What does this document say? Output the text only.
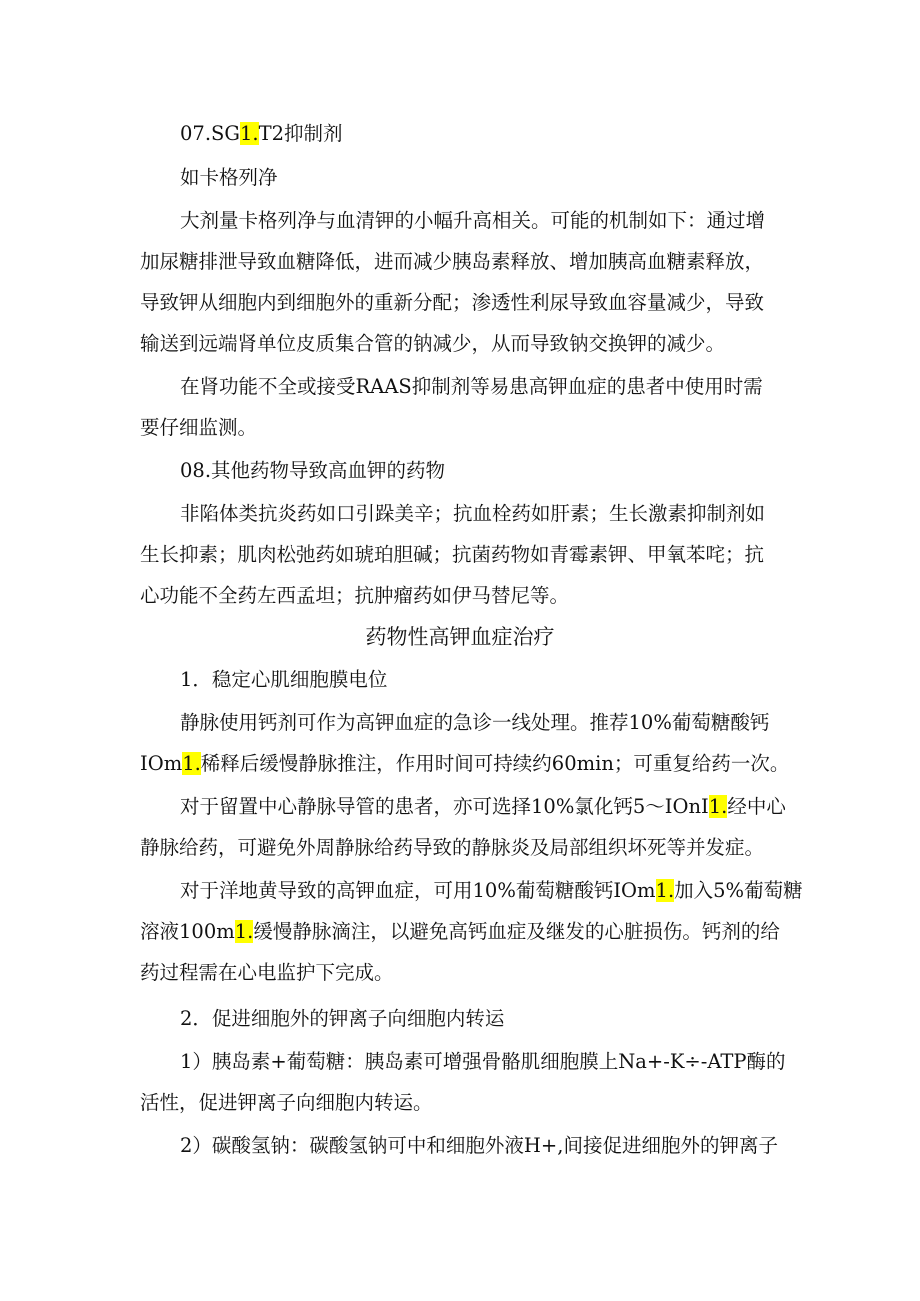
07.SG1.T2抑制剂
如卡格列净
大剂量卡格列净与血清钾的小幅升高相关。可能的机制如下：通过增
加尿糖排泄导致血糖降低，进而减少胰岛素释放、增加胰高血糖素释放，
导致钾从细胞内到细胞外的重新分配；渗透性利尿导致血容量减少，导致
输送到远端肾单位皮质集合管的钠减少，从而导致钠交换钾的减少。
在肾功能不全或接受RAAS抑制剂等易患高钾血症的患者中使用时需
要仔细监测。
08.其他药物导致高血钾的药物
非陷体类抗炎药如口引跺美辛；抗血栓药如肝素；生长激素抑制剂如
生长抑素；肌肉松弛药如琥珀胆碱；抗菌药物如青霉素钾、甲氧苯咤；抗
心功能不全药左西孟坦；抗肿瘤药如伊马替尼等。
药物性高钾血症治疗
1．稳定心肌细胞膜电位
静脉使用钙剂可作为高钾血症的急诊一线处理。推荐10%葡萄糖酸钙
IOm1.稀释后缓慢静脉推注，作用时间可持续约60min；可重复给药一次。
对于留置中心静脉导管的患者，亦可选择10%氯化钙5～IOnI1.经中心
静脉给药，可避免外周静脉给药导致的静脉炎及局部组织坏死等并发症。
对于洋地黄导致的高钾血症，可用10%葡萄糖酸钙IOm1.加入5%葡萄糖
溶液100m1.缓慢静脉滴注，以避免高钙血症及继发的心脏损伤。钙剂的给
药过程需在心电监护下完成。
2．促进细胞外的钾离子向细胞内转运
1）胰岛素+葡萄糖：胰岛素可增强骨骼肌细胞膜上Na+-K÷-ATP酶的
活性，促进钾离子向细胞内转运。
2）碳酸氢钠：碳酸氢钠可中和细胞外液H+,间接促进细胞外的钾离子
